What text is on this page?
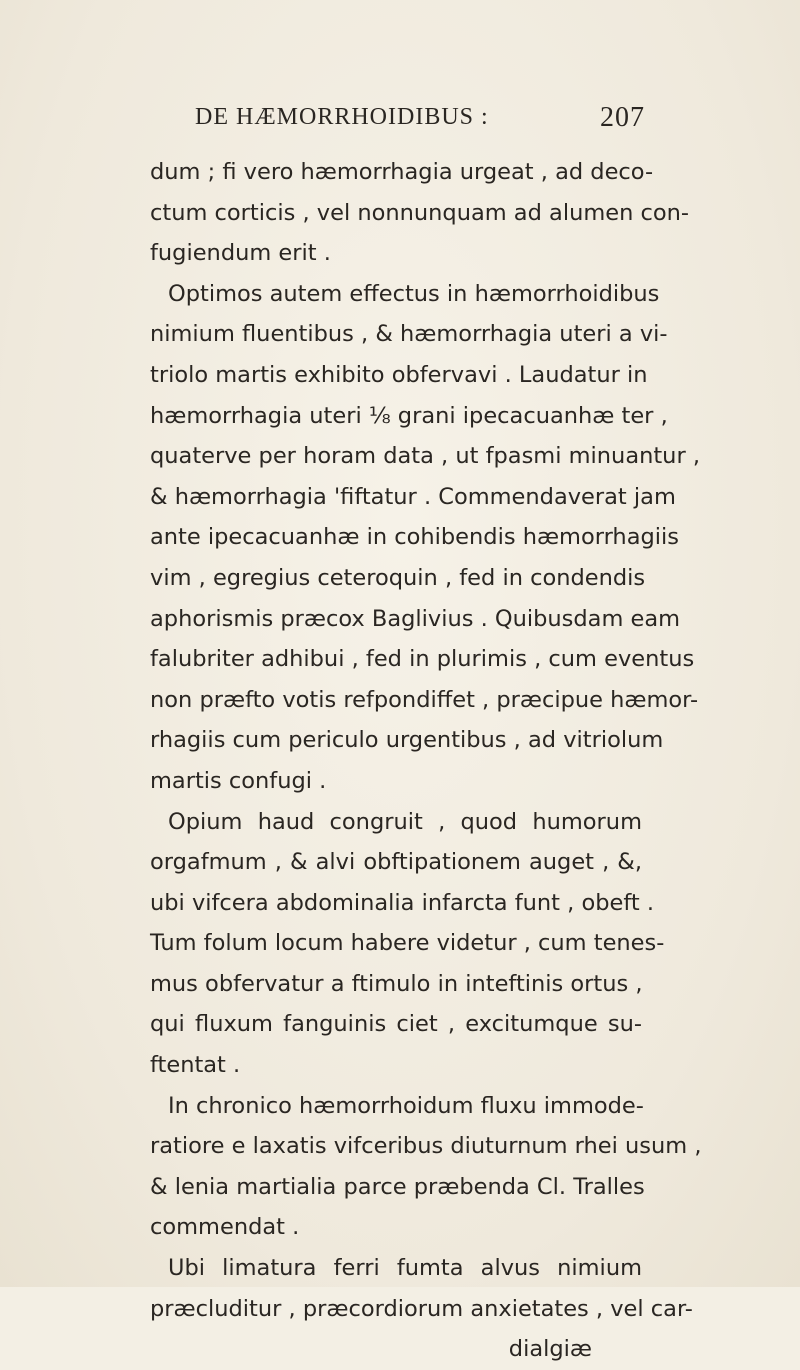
DE HÆMORRHOIDIBUS :	207
dum ; fi vero hæmorrhagia urgeat , ad deco-
ctum corticis , vel nonnunquam ad alumen con-
fugiendum erit .
Optimos autem effectus in hæmorrhoidibus
nimium fluentibus , & hæmorrhagia uteri a vi-
triolo martis exhibito obfervavi . Laudatur in
hæmorrhagia uteri ⅛ grani ipecacuanhæ ter ,
quaterve per horam data , ut fpasmi minuantur ,
& hæmorrhagia 'fiftatur . Commendaverat jam
ante ipecacuanhæ in cohibendis hæmorrhagiis
vim , egregius ceteroquin , fed in condendis
aphorismis præcox Baglivius . Quibusdam eam
falubriter adhibui , fed in plurimis , cum eventus
non præfto votis refpondiffet , præcipue hæmor-
rhagiis cum periculo urgentibus , ad vitriolum
martis confugi .
Opium haud congruit , quod humorum
orgafmum , & alvi obftipationem auget , &,
ubi vifcera abdominalia infarcta funt , obeft .
Tum folum locum habere videtur , cum tenes-
mus obfervatur a ftimulo in inteftinis ortus ,
qui fluxum fanguinis ciet , excitumque su-
ftentat .
In chronico hæmorrhoidum fluxu immode-
ratiore e laxatis vifceribus diuturnum rhei usum ,
& lenia martialia parce præbenda Cl. Tralles
commendat .
Ubi limatura ferri fumta alvus nimium
præcluditur , præcordiorum anxietates , vel car-
dialgiæ
